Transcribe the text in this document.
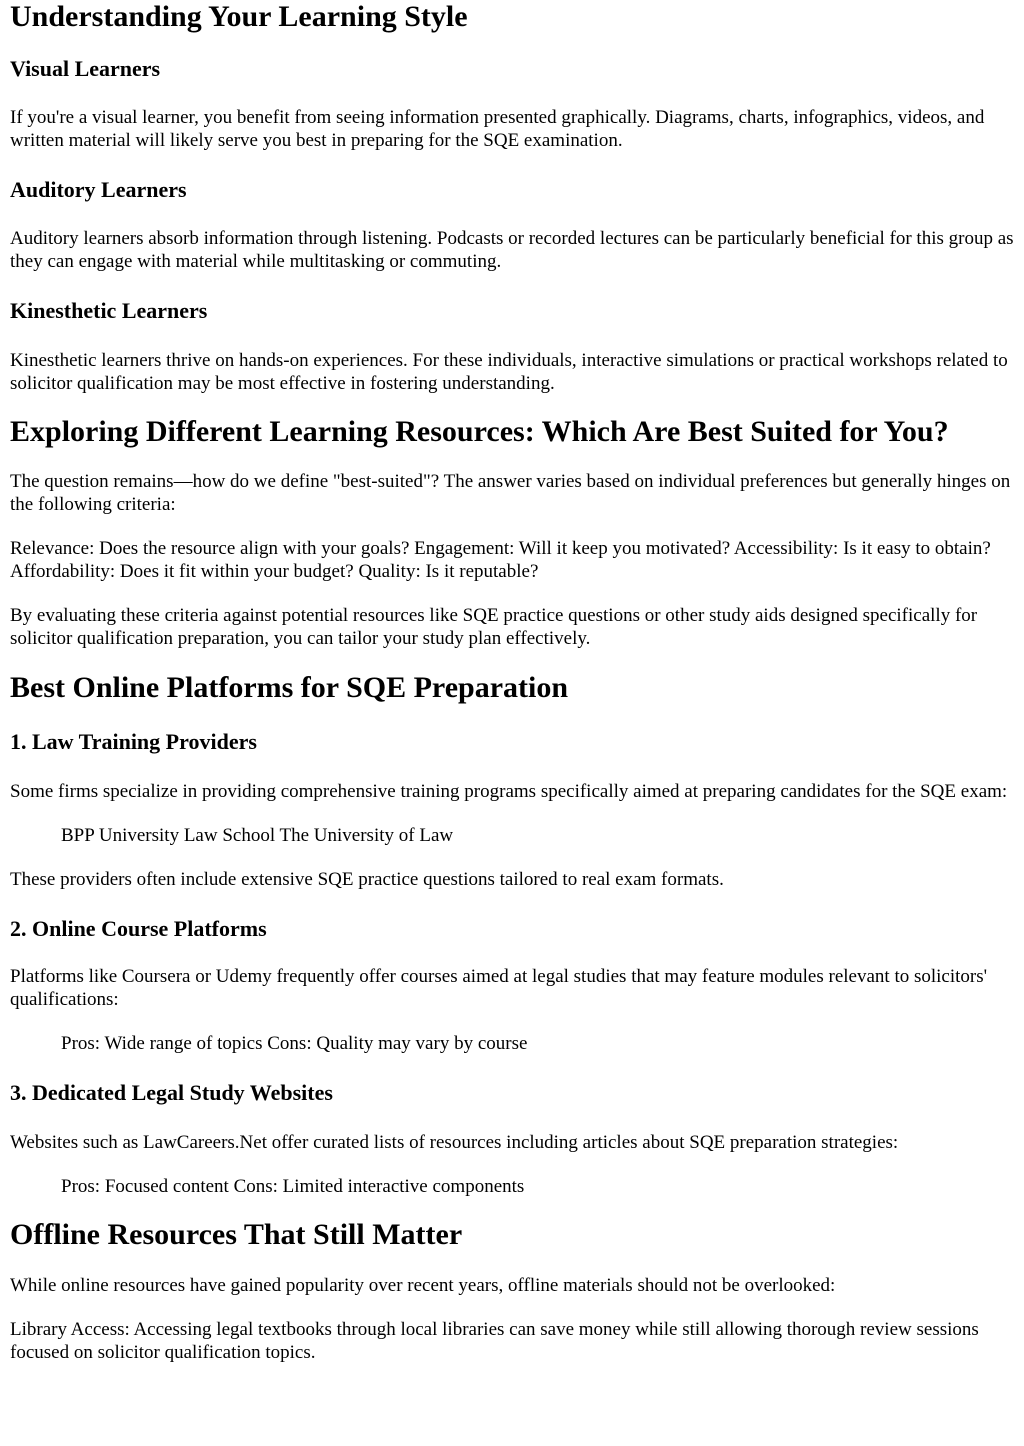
Understanding Your Learning Style
Visual Learners

If you're a visual learner, you benefit from seeing information presented graphically. Diagrams, charts, infographics, videos, and written material will likely serve you best in preparing for the SQE examination.

Auditory Learners

Auditory learners absorb information through listening. Podcasts or recorded lectures can be particularly beneficial for this group as they can engage with material while multitasking or commuting.

Kinesthetic Learners

Kinesthetic learners thrive on hands-on experiences. For these individuals, interactive simulations or practical workshops related to solicitor qualification may be most effective in fostering understanding.

Exploring Different Learning Resources: Which Are Best Suited for You?

The question remains—how do we define "best-suited"? The answer varies based on individual preferences but generally hinges on the following criteria:

Relevance: Does the resource align with your goals? Engagement: Will it keep you motivated? Accessibility: Is it easy to obtain? Affordability: Does it fit within your budget? Quality: Is it reputable?

By evaluating these criteria against potential resources like SQE practice questions or other study aids designed specifically for solicitor qualification preparation, you can tailor your study plan effectively.

Best Online Platforms for SQE Preparation
1. Law Training Providers

Some firms specialize in providing comprehensive training programs specifically aimed at preparing candidates for the SQE exam:

BPP University Law School The University of Law

These providers often include extensive SQE practice questions tailored to real exam formats.

2. Online Course Platforms

Platforms like Coursera or Udemy frequently offer courses aimed at legal studies that may feature modules relevant to solicitors' qualifications:

Pros: Wide range of topics Cons: Quality may vary by course

3. Dedicated Legal Study Websites

Websites such as LawCareers.Net offer curated lists of resources including articles about SQE preparation strategies:

Pros: Focused content Cons: Limited interactive components

Offline Resources That Still Matter

While online resources have gained popularity over recent years, offline materials should not be overlooked:

Library Access: Accessing legal textbooks through local libraries can save money while still allowing thorough review sessions focused on solicitor qualification topics.
